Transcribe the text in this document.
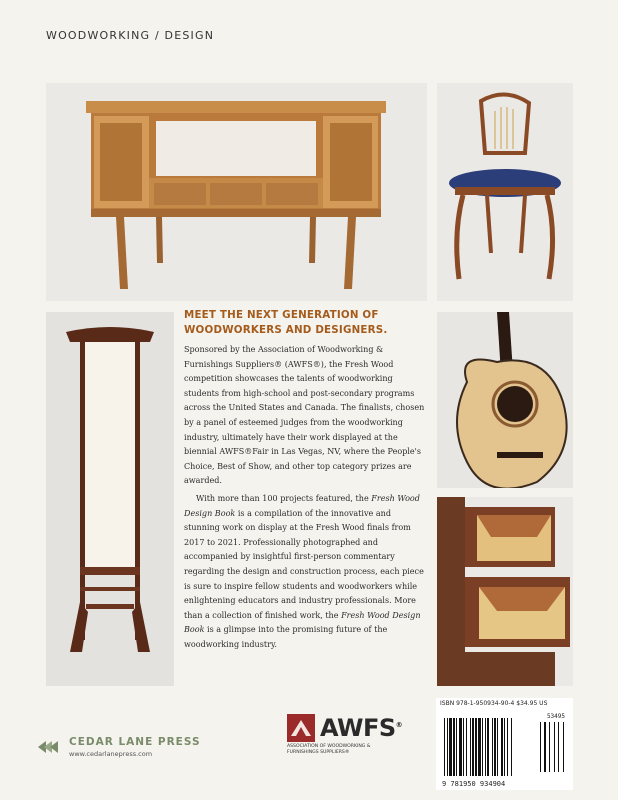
WOODWORKING / DESIGN

MEET THE NEXT GENERATION OF
WOODWORKERS AND DESIGNERS.

Sponsored by the Association of Woodworking & Furnishings Suppliers® (AWFS®), the Fresh Wood competition showcases the talents of woodworking students from high-school and post-secondary programs across the United States and Canada. The finalists, chosen by a panel of esteemed judges from the woodworking industry, ultimately have their work displayed at the biennial AWFS®Fair in Las Vegas, NV, where the People's Choice, Best of Show, and other top category prizes are awarded.

With more than 100 projects featured, the Fresh Wood Design Book is a compilation of the innovative and stunning work on display at the Fresh Wood finals from 2017 to 2021. Professionally photographed and accompanied by insightful first-person commentary regarding the design and construction process, each piece is sure to inspire fellow students and woodworkers while enlightening educators and industry professionals. More than a collection of finished work, the Fresh Wood Design Book is a glimpse into the promising future of the woodworking industry.

CEDAR LANE PRESS
www.cedarlanepress.com
AWFS®
ASSOCIATION OF WOODWORKING & FURNISHINGS SUPPLIERS®
ISBN 978-1-950934-90-4 $34.95 US
53495
9 781950 934904
